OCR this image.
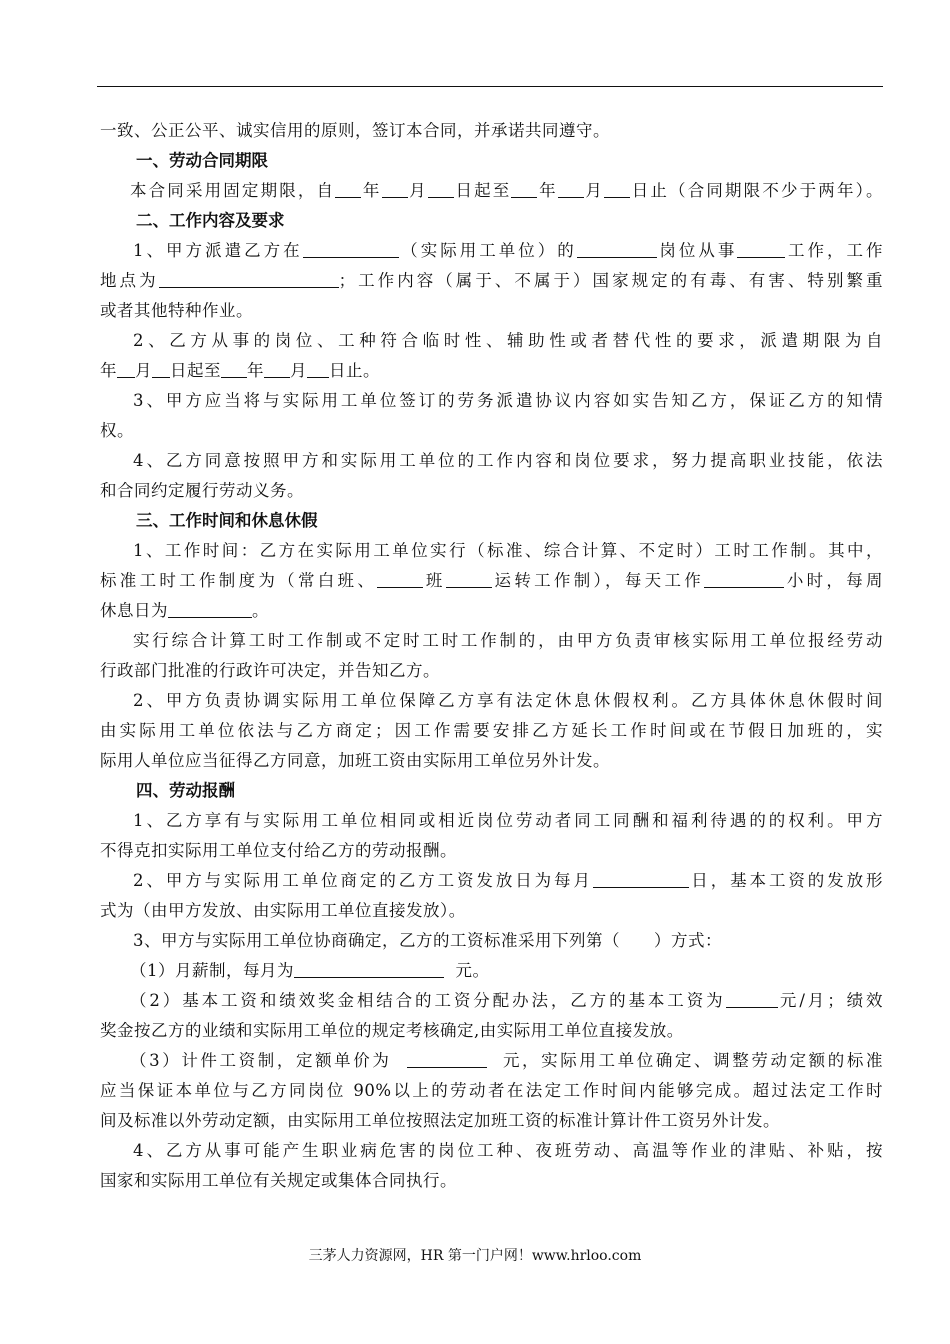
一致、公正公平、诚实信用的原则，签订本合同，并承诺共同遵守。
一、劳动合同期限
本合同采用固定期限，自 年 月 日起至 年 月 日止（合同期限不少于两年）。
二、工作内容及要求
1、甲方派遣乙方在	（实际用工单位）的	岗位从事	工作，工作
地点为	；工作内容（属于、不属于）国家规定的有毒、有害、特别繁重
或者其他特种作业。
2、乙方从事的岗位、工种符合临时性、辅助性或者替代性的要求，派遣期限为自
年 月 日起至 年 月 日止。
3、甲方应当将与实际用工单位签订的劳务派遣协议内容如实告知乙方，保证乙方的知情
权。
4、乙方同意按照甲方和实际用工单位的工作内容和岗位要求，努力提高职业技能，依法
和合同约定履行劳动义务。
三、工作时间和休息休假
1、工作时间：乙方在实际用工单位实行（标准、综合计算、不定时）工时工作制。其中，
标准工时工作制度为（常白班、	班	运转工作制），每天工作	小时，每周
休息日为	。
实行综合计算工时工作制或不定时工时工作制的，由甲方负责审核实际用工单位报经劳动
行政部门批准的行政许可决定，并告知乙方。
2、甲方负责协调实际用工单位保障乙方享有法定休息休假权利。乙方具体休息休假时间
由实际用工单位依法与乙方商定；因工作需要安排乙方延长工作时间或在节假日加班的，实
际用人单位应当征得乙方同意，加班工资由实际用工单位另外计发。
四、劳动报酬
1、乙方享有与实际用工单位相同或相近岗位劳动者同工同酬和福利待遇的的权利。甲方
不得克扣实际用工单位支付给乙方的劳动报酬。
2、甲方与实际用工单位商定的乙方工资发放日为每月	日，基本工资的发放形
式为（由甲方发放、由实际用工单位直接发放）。
3、甲方与实际用工单位协商确定，乙方的工资标准采用下列第（　　）方式：
（1）月薪制，每月为	元。
（2）基本工资和绩效奖金相结合的工资分配办法，乙方的基本工资为	元/月；绩效
奖金按乙方的业绩和实际用工单位的规定考核确定,由实际用工单位直接发放。
（3）计件工资制，定额单价为	元，实际用工单位确定、调整劳动定额的标准
应当保证本单位与乙方同岗位 90%以上的劳动者在法定工作时间内能够完成。超过法定工作时
间及标准以外劳动定额，由实际用工单位按照法定加班工资的标准计算计件工资另外计发。
4、乙方从事可能产生职业病危害的岗位工种、夜班劳动、高温等作业的津贴、补贴，按
国家和实际用工单位有关规定或集体合同执行。
三茅人力资源网，HR 第一门户网！www.hrloo.com
